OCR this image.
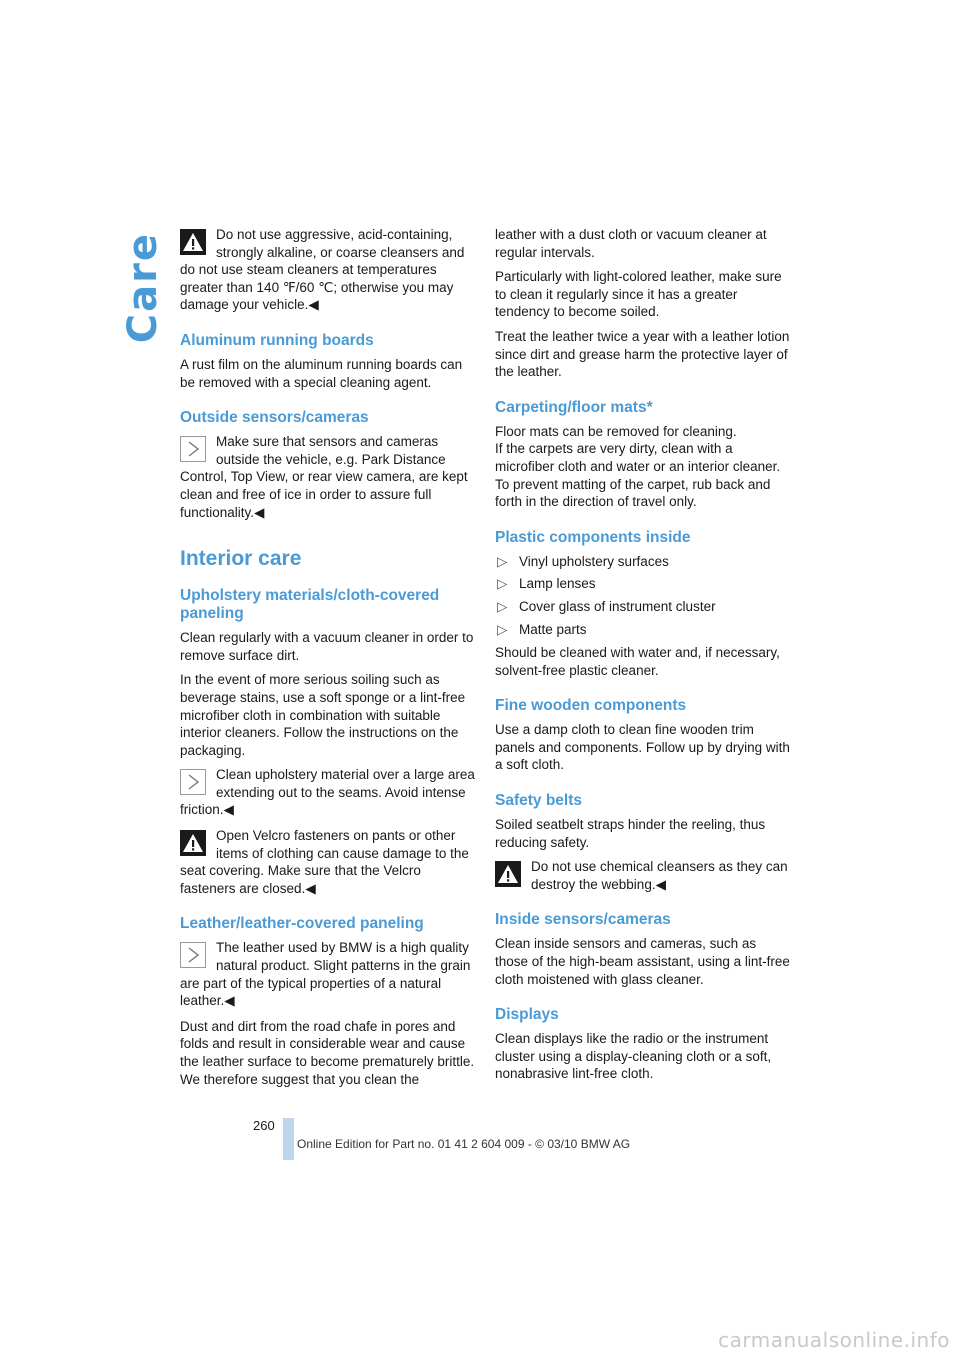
Care	Do not use aggressive, acid-containing, strongly alkaline, or coarse cleansers and do not use steam cleaners at temperatures greater than 140 ℉/60 ℃; otherwise you may damage your vehicle.◀
Aluminum running boards

A rust film on the aluminum running boards can be removed with a special cleaning agent.

Outside sensors/cameras
Make sure that sensors and cameras outside the vehicle, e.g. Park Distance Control, Top View, or rear view camera, are kept clean and free of ice in order to assure full functionality.◀
Interior care
Upholstery materials/cloth-covered paneling

Clean regularly with a vacuum cleaner in order to remove surface dirt.

In the event of more serious soiling such as beverage stains, use a soft sponge or a lint-free microfiber cloth in combination with suitable interior cleaners. Follow the instructions on the packaging.

Clean upholstery material over a large area extending out to the seams. Avoid intense friction.◀
Open Velcro fasteners on pants or other items of clothing can cause damage to the seat covering. Make sure that the Velcro fasteners are closed.◀
Leather/leather-covered paneling
The leather used by BMW is a high quality natural product. Slight patterns in the grain are part of the typical properties of a natural leather.◀

Dust and dirt from the road chafe in pores and folds and result in considerable wear and cause the leather surface to become prematurely brittle. We therefore suggest that you clean the

leather with a dust cloth or vacuum cleaner at regular intervals.

Particularly with light-colored leather, make sure to clean it regularly since it has a greater tendency to become soiled.

Treat the leather twice a year with a leather lotion since dirt and grease harm the protective layer of the leather.

Carpeting/floor mats*

Floor mats can be removed for cleaning.

If the carpets are very dirty, clean with a microfiber cloth and water or an interior cleaner. To prevent matting of the carpet, rub back and forth in the direction of travel only.

Plastic components inside
▷ Vinyl upholstery surfaces
▷ Lamp lenses
▷ Cover glass of instrument cluster
▷ Matte parts

Should be cleaned with water and, if necessary, solvent-free plastic cleaner.

Fine wooden components

Use a damp cloth to clean fine wooden trim panels and components. Follow up by drying with a soft cloth.

Safety belts

Soiled seatbelt straps hinder the reeling, thus reducing safety.

Do not use chemical cleansers as they can destroy the webbing.◀
Inside sensors/cameras

Clean inside sensors and cameras, such as those of the high-beam assistant, using a lint-free cloth moistened with glass cleaner.

Displays

Clean displays like the radio or the instrument cluster using a display-cleaning cloth or a soft, nonabrasive lint-free cloth.

260
Online Edition for Part no. 01 41 2 604 009 - © 03/10 BMW AG
carmanualsonline.info
